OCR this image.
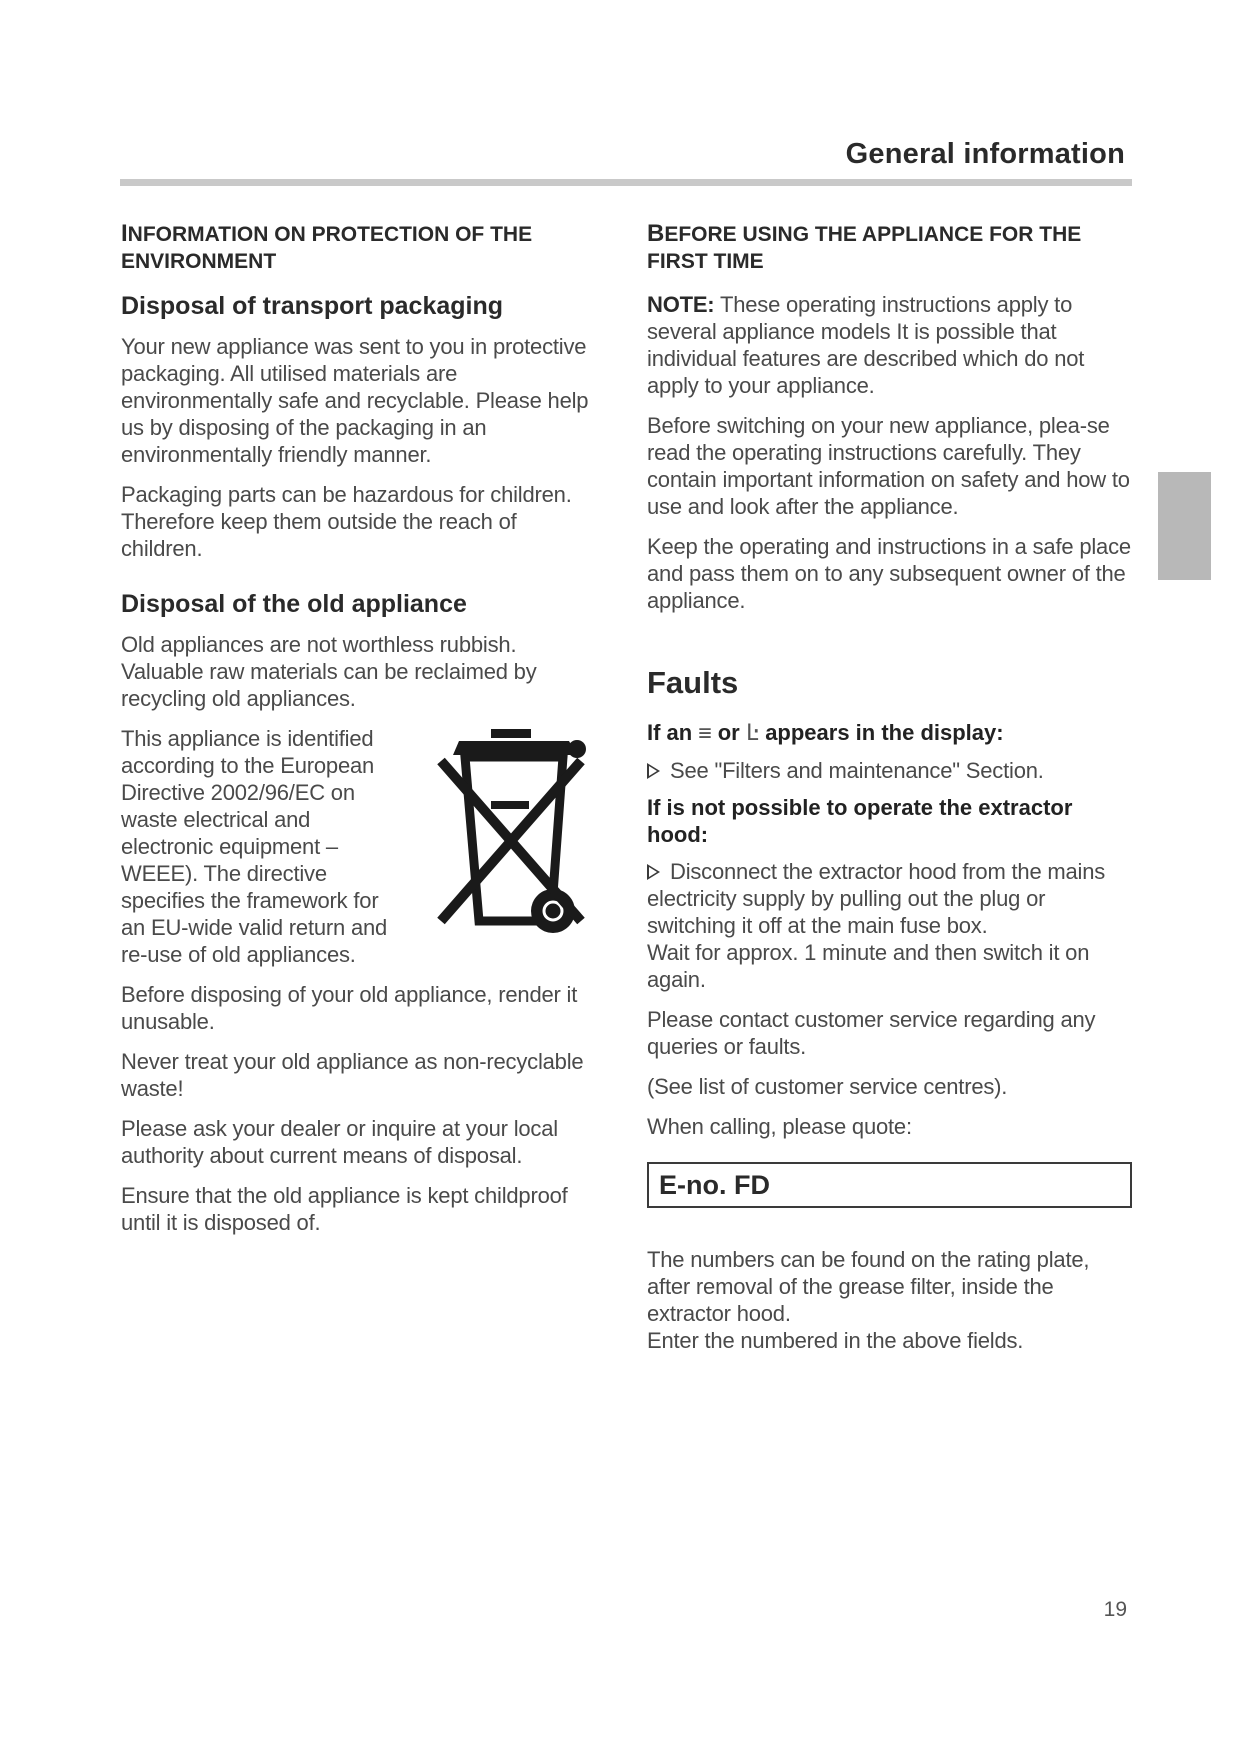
General information
INFORMATION ON PROTECTION OF THE ENVIRONMENT
Disposal of transport packaging

Your new appliance was sent to you in protective packaging. All utilised materials are environmentally safe and recyclable. Please help us by disposing of the packaging in an environmentally friendly manner.

Packaging parts can be hazardous for children. Therefore keep them outside the reach of children.

Disposal of the old appliance

Old appliances are not worthless rubbish. Valuable raw materials can be reclaimed by recycling old appliances.

This appliance is identified according to the European Directive 2002/96/EC on waste electrical and electronic equipment – WEEE). The directive specifies the framework for an EU-wide valid return and re-use of old appliances.

Before disposing of your old appliance, render it unusable.

Never treat your old appliance as non-recyclable waste!

Please ask your dealer or inquire at your local authority about current means of disposal.

Ensure that the old appliance is kept childproof until it is disposed of.

BEFORE USING THE APPLIANCE FOR THE FIRST TIME

NOTE: These operating instructions apply to several appliance models It is possible that individual features are described which do not apply to your appliance.

Before switching on your new appliance, plea-se read the operating instructions carefully. They contain important information on safety and how to use and look after the appliance.

Keep the operating and instructions in a safe place and pass them on to any subsequent owner of the appliance.

Faults
If an ≡ or Ŀ appears in the display:
See "Filters and maintenance" Section.
If is not possible to operate the extractor hood:
Disconnect the extractor hood from the mains electricity supply by pulling out the plug or switching it off at the main fuse box.
Wait for approx. 1 minute and then switch it on again.

Please contact customer service regarding any queries or faults.

(See list of customer service centres).

When calling, please quote:

E-no. FD

The numbers can be found on the rating plate, after removal of the grease filter, inside the extractor hood.
Enter the numbered in the above fields.

19
